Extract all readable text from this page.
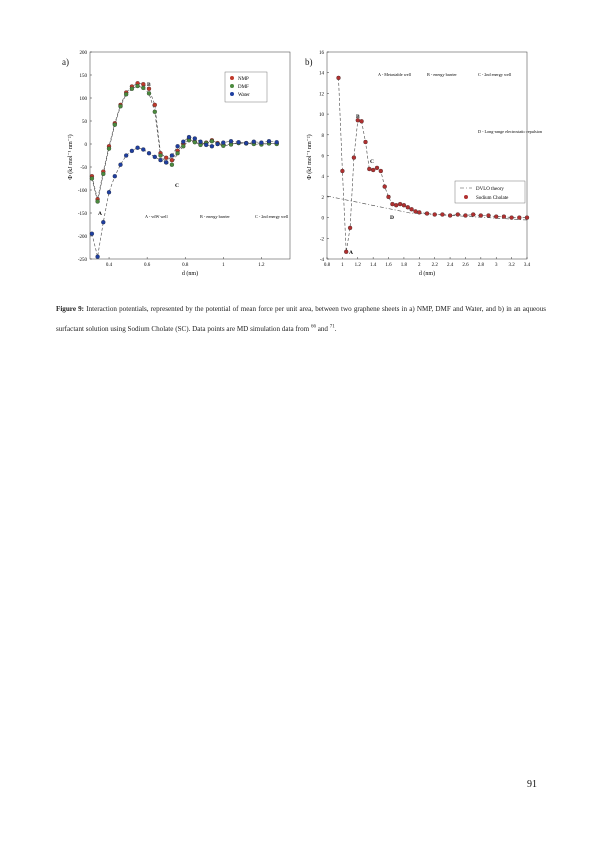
a)	b)
0.4	0.6	0.8	1	1.2
200
150
100
50
0
-50
-100
-150
-200
-250
NMP
DMF
Water
A
B
C
A - vdW well	B - energy barrier	C - 2nd energy well
d (nm)
Φ (kJ mol⁻¹ nm⁻²)
0.8 1 1.2 1.4 1.6 1.8 2 2.2 2.4 2.6 2.8 3 3.2 3.4
16
14
12
10
8
6
4
2
0
-2
-4
DVLO theory
Sodium Cholate
A
B
C
D
A - Metastable well	B - energy barrier	C - 2nd energy well
D - Long-range electrostatic repulsion
d (nm)
Φ (kJ mol⁻¹ nm⁻²)
Figure 9: Interaction potentials, represented by the potential of mean force per unit area, between two graphene sheets in a) NMP, DMF and Water, and b) in an aqueous surfactant solution using Sodium Cholate (SC). Data points are MD simulation data from $^{66}$ and $^{71}$.
91
